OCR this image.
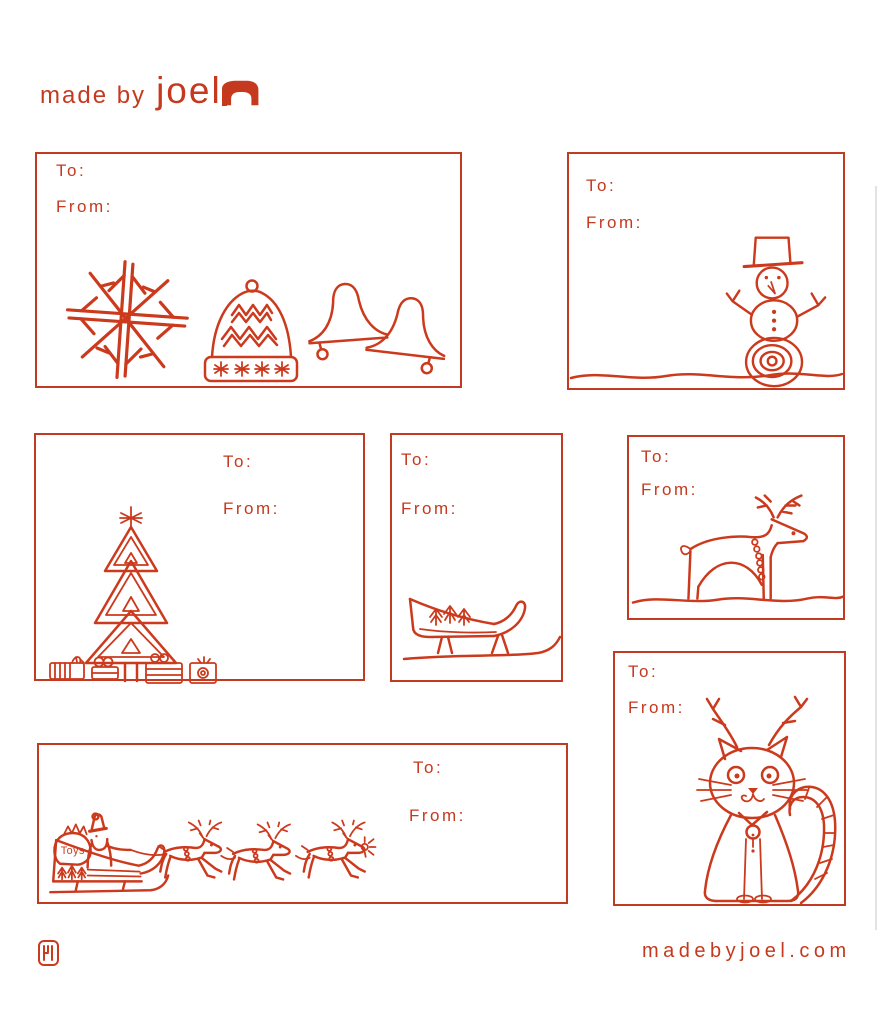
made by joel
To:
From:
To:
From:
To:
From:
To:
From:
To:
From:
To:
From:
To:
From:
Toys
madebyjoel.com
